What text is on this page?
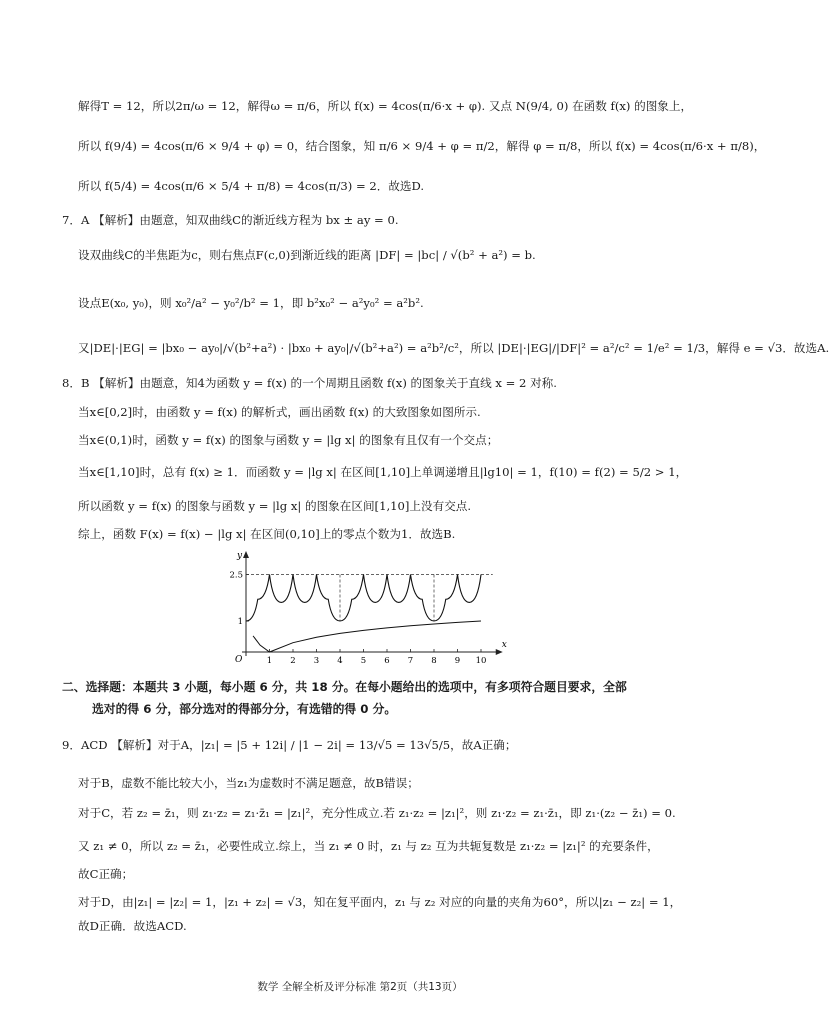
解得T = 12，所以2π/ω = 12，解得ω = π/6，所以 f(x) = 4cos(π/6·x + φ). 又点 N(9/4, 0) 在函数 f(x) 的图象上，
所以 f(9/4) = 4cos(π/6 × 9/4 + φ) = 0，结合图象，知 π/6 × 9/4 + φ = π/2，解得 φ = π/8，所以 f(x) = 4cos(π/6·x + π/8)，
所以 f(5/4) = 4cos(π/6 × 5/4 + π/8) = 4cos(π/3) = 2．故选D.
7．A 【解析】由题意，知双曲线C的渐近线方程为 bx ± ay = 0.
设双曲线C的半焦距为c，则右焦点F(c,0)到渐近线的距离 |DF| = |bc| / √(b² + a²) = b.
设点E(x₀, y₀)，则 x₀²/a² − y₀²/b² = 1，即 b²x₀² − a²y₀² = a²b².
又|DE|·|EG| = |bx₀ − ay₀|/√(b²+a²) · |bx₀ + ay₀|/√(b²+a²) = a²b²/c²，所以 |DE|·|EG|/|DF|² = a²/c² = 1/e² = 1/3，解得 e = √3．故选A.
8．B 【解析】由题意，知4为函数 y = f(x) 的一个周期且函数 f(x) 的图象关于直线 x = 2 对称.
当x∈[0,2]时，由函数 y = f(x) 的解析式，画出函数 f(x) 的大致图象如图所示.
当x∈(0,1)时，函数 y = f(x) 的图象与函数 y = |lg x| 的图象有且仅有一个交点；
当x∈[1,10]时，总有 f(x) ≥ 1．而函数 y = |lg x| 在区间[1,10]上单调递增且|lg10| = 1，f(10) = f(2) = 5/2 > 1，
所以函数 y = f(x) 的图象与函数 y = |lg x| 的图象在区间[1,10]上没有交点.
综上，函数 F(x) = f(x) − |lg x| 在区间(0,10]上的零点个数为1．故选B.
x
y
O	1 2 3 4 5 6 7 8 9 10
1
2.5
二、选择题：本题共 3 小题，每小题 6 分，共 18 分。在每小题给出的选项中，有多项符合题目要求，全部
选对的得 6 分，部分选对的得部分分，有选错的得 0 分。
9．ACD 【解析】对于A，|z₁| = |5 + 12i| / |1 − 2i| = 13/√5 = 13√5/5，故A正确；
对于B，虚数不能比较大小，当z₁为虚数时不满足题意，故B错误；
对于C，若 z₂ = z̄₁，则 z₁·z₂ = z₁·z̄₁ = |z₁|²，充分性成立.若 z₁·z₂ = |z₁|²，则 z₁·z₂ = z₁·z̄₁，即 z₁·(z₂ − z̄₁) = 0.
又 z₁ ≠ 0，所以 z₂ = z̄₁，必要性成立.综上，当 z₁ ≠ 0 时，z₁ 与 z₂ 互为共轭复数是 z₁·z₂ = |z₁|² 的充要条件，
故C正确；
对于D，由|z₁| = |z₂| = 1，|z₁ + z₂| = √3，知在复平面内，z₁ 与 z₂ 对应的向量的夹角为60°，所以|z₁ − z₂| = 1，
故D正确．故选ACD.
数学 全解全析及评分标准 第2页（共13页）
